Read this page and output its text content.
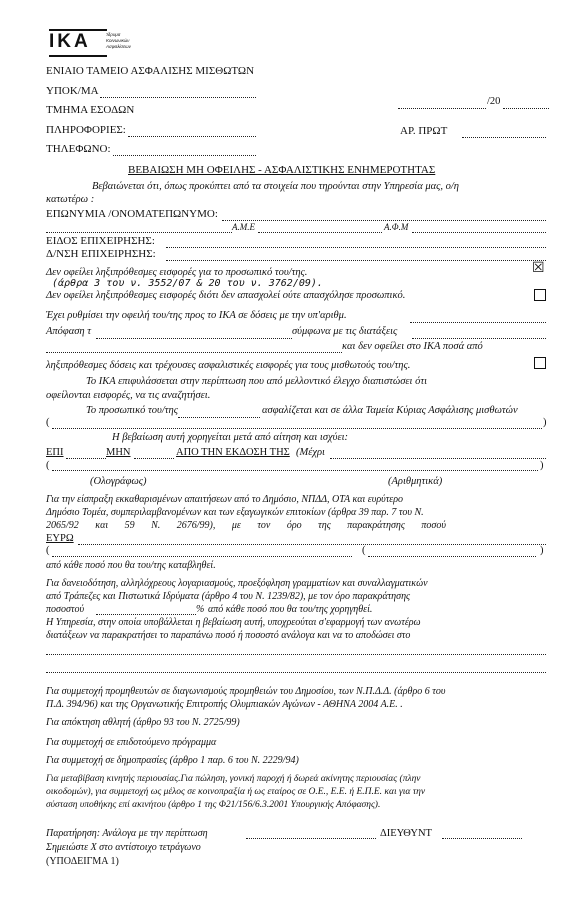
IKA	Ίδρυμα Κοινωνικών Ασφαλίσεων
ΕΝΙΑΙΟ ΤΑΜΕΙΟ ΑΣΦΑΛΙΣΗΣ ΜΙΣΘΩΤΩΝ
ΥΠΟΚ/ΜΑ
ΤΜΗΜΑ ΕΣΟΔΩΝ
ΠΛΗΡΟΦΟΡΙΕΣ:
ΤΗΛΕΦΩΝΟ:
/20
ΑΡ. ΠΡΩΤ
ΒΕΒΑΙΩΣΗ ΜΗ ΟΦΕΙΛΗΣ - ΑΣΦΑΛΙΣΤΙΚΗΣ ΕΝΗΜΕΡΟΤΗΤΑΣ
Βεβαιώνεται ότι, όπως προκύπτει από τα στοιχεία που τηρούνται στην Υπηρεσία μας, ο/η
κατωτέρω :
ΕΠΩΝΥΜΙΑ /ΟΝΟΜΑΤΕΠΩΝΥΜΟ:
Α.Μ.Ε	Α.Φ.Μ
ΕΙΔΟΣ ΕΠΙΧΕΙΡΗΣΗΣ:
Δ/ΝΣΗ ΕΠΙΧΕΙΡΗΣΗΣ:
Δεν οφείλει ληξιπρόθεσμες εισφορές για το προσωπικό του/της.
(άρθρα 3 του ν. 3552/07 & 20 του ν. 3762/09).
☒
Δεν οφείλει ληξιπρόθεσμες εισφορές διότι δεν απασχολεί ούτε απασχόλησε προσωπικό.
Έχει ρυθμίσει την οφειλή του/της προς το ΙΚΑ σε δόσεις με την υπ'αριθμ.
Απόφαση τ	σύμφωνα με τις διατάξεις
και δεν οφείλει στο ΙΚΑ ποσά από
ληξιπρόθεσμες δόσεις και τρέχουσες ασφαλιστικές εισφορές για τους μισθωτούς του/της.
Το ΙΚΑ επιφυλάσσεται στην περίπτωση που από μελλοντικό έλεγχο διαπιστώσει ότι
οφείλονται εισφορές, να τις αναζητήσει.
Το προσωπικό του/της	ασφαλίζεται και σε άλλα Ταμεία Κύριας Ασφάλισης μισθωτών
(	)
Η βεβαίωση αυτή χορηγείται μετά από αίτηση και ισχύει:
ΕΠΙ	ΜΗΝ	ΑΠΟ ΤΗΝ ΕΚΔΟΣΗ ΤΗΣ (Μέχρι
(	)
(Ολογράφως)	(Αριθμητικά)
Για την είσπραξη εκκαθαρισμένων απαιτήσεων από το Δημόσιο, ΝΠΔΔ, ΟΤΑ και ευρύτερο
Δημόσιο Τομέα, συμπεριλαμβανομένων και των εξαγωγικών επιτοκίων (άρθρα 39 παρ. 7 του Ν.
2065/92 και 59 Ν. 2676/99), με τον όρο της παρακράτησης ποσού
ΕΥΡΩ
(	(	)
από κάθε ποσό που θα του/της καταβληθεί.
Για δανειοδότηση, αλληλόχρεους λογαριασμούς, προεξόφληση γραμματίων και συναλλαγματικών
από Τράπεζες και Πιστωτικά Ιδρύματα (άρθρο 4 του Ν. 1239/82), με τον όρο παρακράτησης
ποσοστού	% από κάθε ποσό που θα του/της χορηγηθεί.
Η Υπηρεσία, στην οποία υποβάλλεται η βεβαίωση αυτή, υποχρεούται σ'εφαρμογή των ανωτέρω
διατάξεων να παρακρατήσει το παραπάνω ποσό ή ποσοστό ανάλογα και να το αποδώσει στο
Για συμμετοχή προμηθευτών σε διαγωνισμούς προμηθειών του Δημοσίου, των Ν.Π.Δ.Δ. (άρθρο 6 του
Π.Δ. 394/96) και της Οργανωτικής Επιτροπής Ολυμπιακών Αγώνων - ΑΘΗΝΑ 2004 Α.Ε. .
Για απόκτηση αθλητή (άρθρο 93 του Ν. 2725/99)
Για συμμετοχή σε επιδοτούμενο πρόγραμμα
Για συμμετοχή σε δημοπρασίες (άρθρο 1 παρ. 6 του Ν. 2229/94)
Για μεταβίβαση κινητής περιουσίας.Για πώληση, γονική παροχή ή δωρεά ακίνητης περιουσίας (πλην
οικοδομών), για συμμετοχή ως μέλος σε κοινοπραξία ή ως εταίρος σε Ο.Ε., Ε.Ε. ή Ε.Π.Ε. και για την
σύσταση υποθήκης επί ακινήτου (άρθρο 1 της Φ21/156/6.3.2001 Υπουργικής Απόφασης).
Παρατήρηση: Ανάλογα με την περίπτωση	ΔΙΕΥΘΥΝΤ
Σημειώστε Χ στο αντίστοιχο τετράγωνο
(ΥΠΟΔΕΙΓΜΑ 1)
